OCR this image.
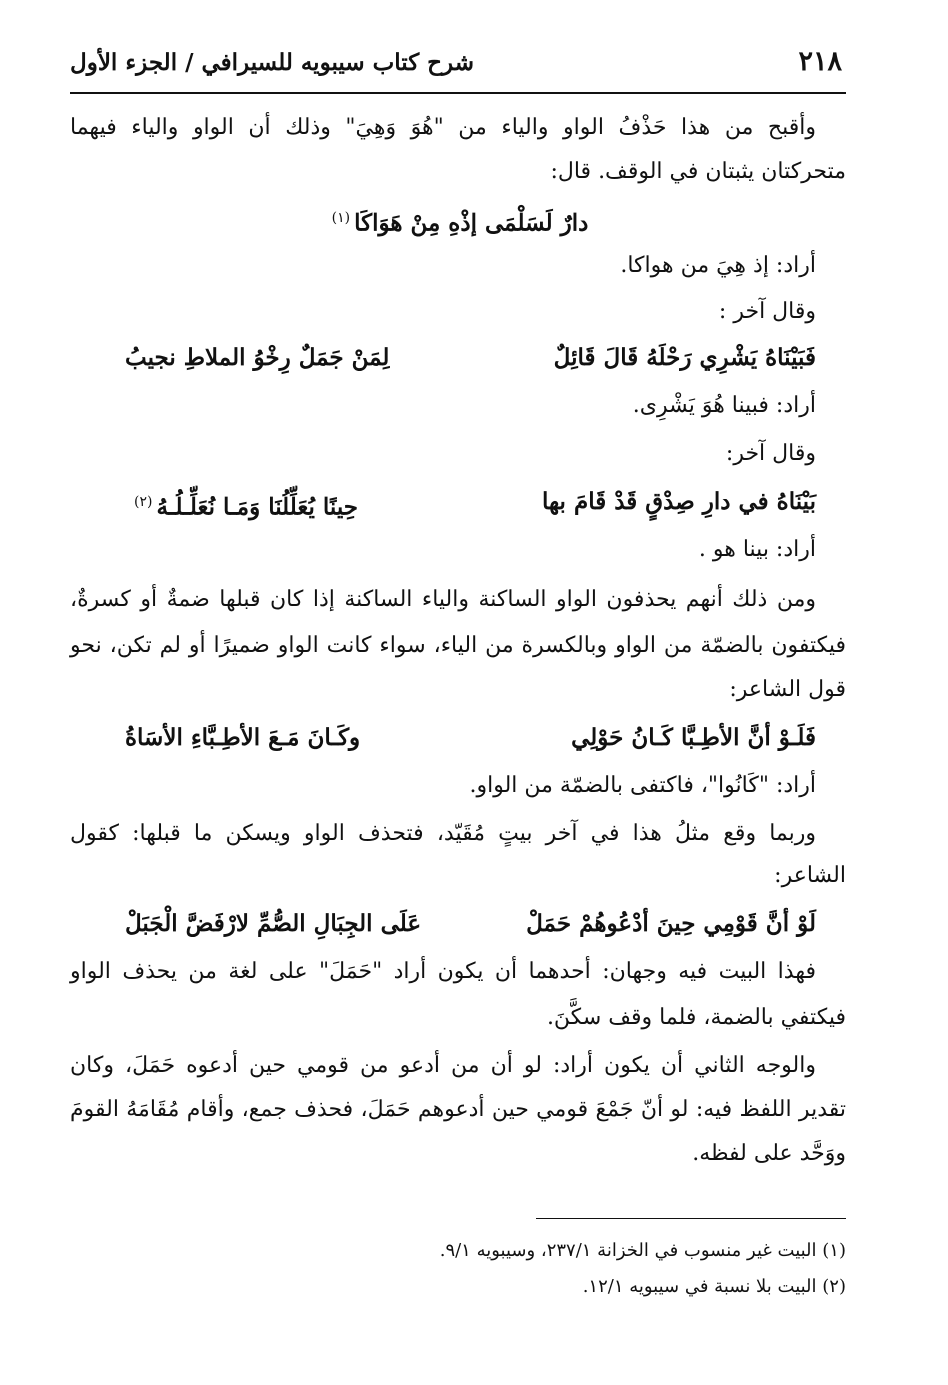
٢١٨
شرح كتاب سيبويه للسيرافي / الجزء الأول
وأقبح من هذا حَذْفُ الواو والياء من "هُوَ وَهِيَ" وذلك أن الواو والياء فيهما
متحركتان يثبتان في الوقف. قال:
دارٌ لَسَلْمَى إذْهِ مِنْ هَوَاكَا$^{(١)}$
أراد: إذ هِيَ من هواكا.
وقال آخر :
فَبَيْنَاهُ يَشْرِي رَحْلَهُ قَالَ قَائِلٌ
لِمَنْ جَمَلٌ رِخْوُ الملاطِ نجيبُ
أراد: فبينا هُوَ يَشْرِى.
وقال آخر:
بَيْنَاهُ في دارِ صِدْقٍ قَدْ قَامَ بها
حِينًا يُعَلِّلُنَا وَمَـا نُعَلِّـلُـهُ$^{(٢)}$
أراد: بينا هو .
ومن ذلك أنهم يحذفون الواو الساكنة والياء الساكنة إذا كان قبلها ضمةٌ أو كسرةٌ،
فيكتفون بالضمّة من الواو وبالكسرة من الياء، سواء كانت الواو ضميرًا أو لم تكن، نحو
قول الشاعر:
فَلَـوْ أنَّ الأطِـبَّا كَـانُ حَوْلِي
وكَـانَ مَـعَ الأطِـبَّاءِ الأسَاةُ
أراد: "كَانُوا"، فاكتفى بالضمّة من الواو.
وربما وقع مثلُ هذا في آخر بيتٍ مُقَيّد، فتحذف الواو ويسكن ما قبلها: كقول
الشاعر:
لَوْ أنَّ قَوْمِي حِينَ أدْعُوهُمْ حَمَلْ
عَلَى الجِبَالِ الصُّمِّ لارْفَضَّ الْجَبَلْ
فهذا البيت فيه وجهان: أحدهما أن يكون أراد "حَمَلَ" على لغة من يحذف الواو
فيكتفي بالضمة، فلما وقف سكَّنَ.
والوجه الثاني أن يكون أراد: لو أن من أدعو من قومي حين أدعوه حَمَلَ، وكان
تقدير اللفظ فيه: لو أنّ جَمْعَ قومي حين أدعوهم حَمَلَ، فحذف جمع، وأقام مُقَامَهُ القومَ
ووَحَّد على لفظه.
(١) البيت غير منسوب في الخزانة ٢٣٧/١، وسيبويه ٩/١.
(٢) البيت بلا نسبة في سيبويه ١٢/١.
